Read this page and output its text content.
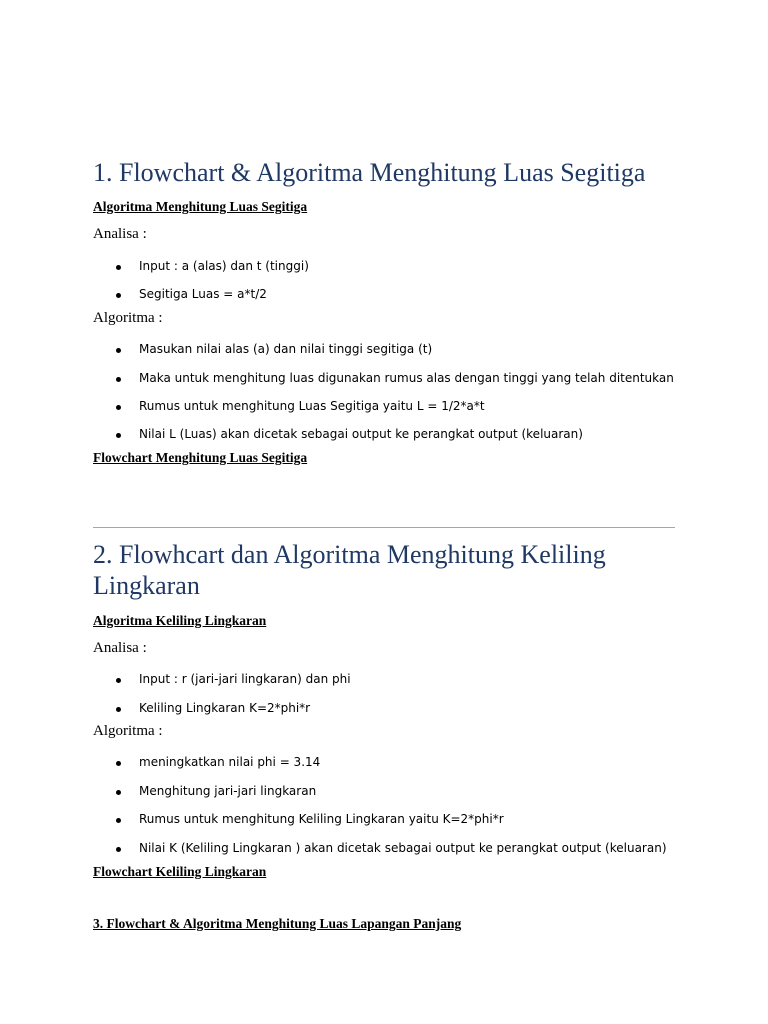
1. Flowchart & Algoritma Menghitung Luas Segitiga

Algoritma Menghitung Luas Segitiga

Analisa :

Input : a (alas) dan t (tinggi)

Segitiga Luas = a*t/2

Algoritma :

Masukan nilai alas (a) dan nilai tinggi segitiga (t)

Maka untuk menghitung luas digunakan rumus alas dengan tinggi yang telah ditentukan

Rumus untuk menghitung Luas Segitiga yaitu L = 1/2*a*t

Nilai L (Luas) akan dicetak sebagai output ke perangkat output (keluaran)

Flowchart Menghitung Luas Segitiga

2. Flowhcart dan Algoritma Menghitung Keliling
Lingkaran

Algoritma Keliling Lingkaran

Analisa :

Input : r (jari-jari lingkaran) dan phi

Keliling Lingkaran K=2*phi*r

Algoritma :

meningkatkan nilai phi = 3.14

Menghitung jari-jari lingkaran

Rumus untuk menghitung Keliling Lingkaran yaitu K=2*phi*r

Nilai K (Keliling Lingkaran ) akan dicetak sebagai output ke perangkat output (keluaran)

Flowchart Keliling Lingkaran

3. Flowchart & Algoritma Menghitung Luas Lapangan Panjang
